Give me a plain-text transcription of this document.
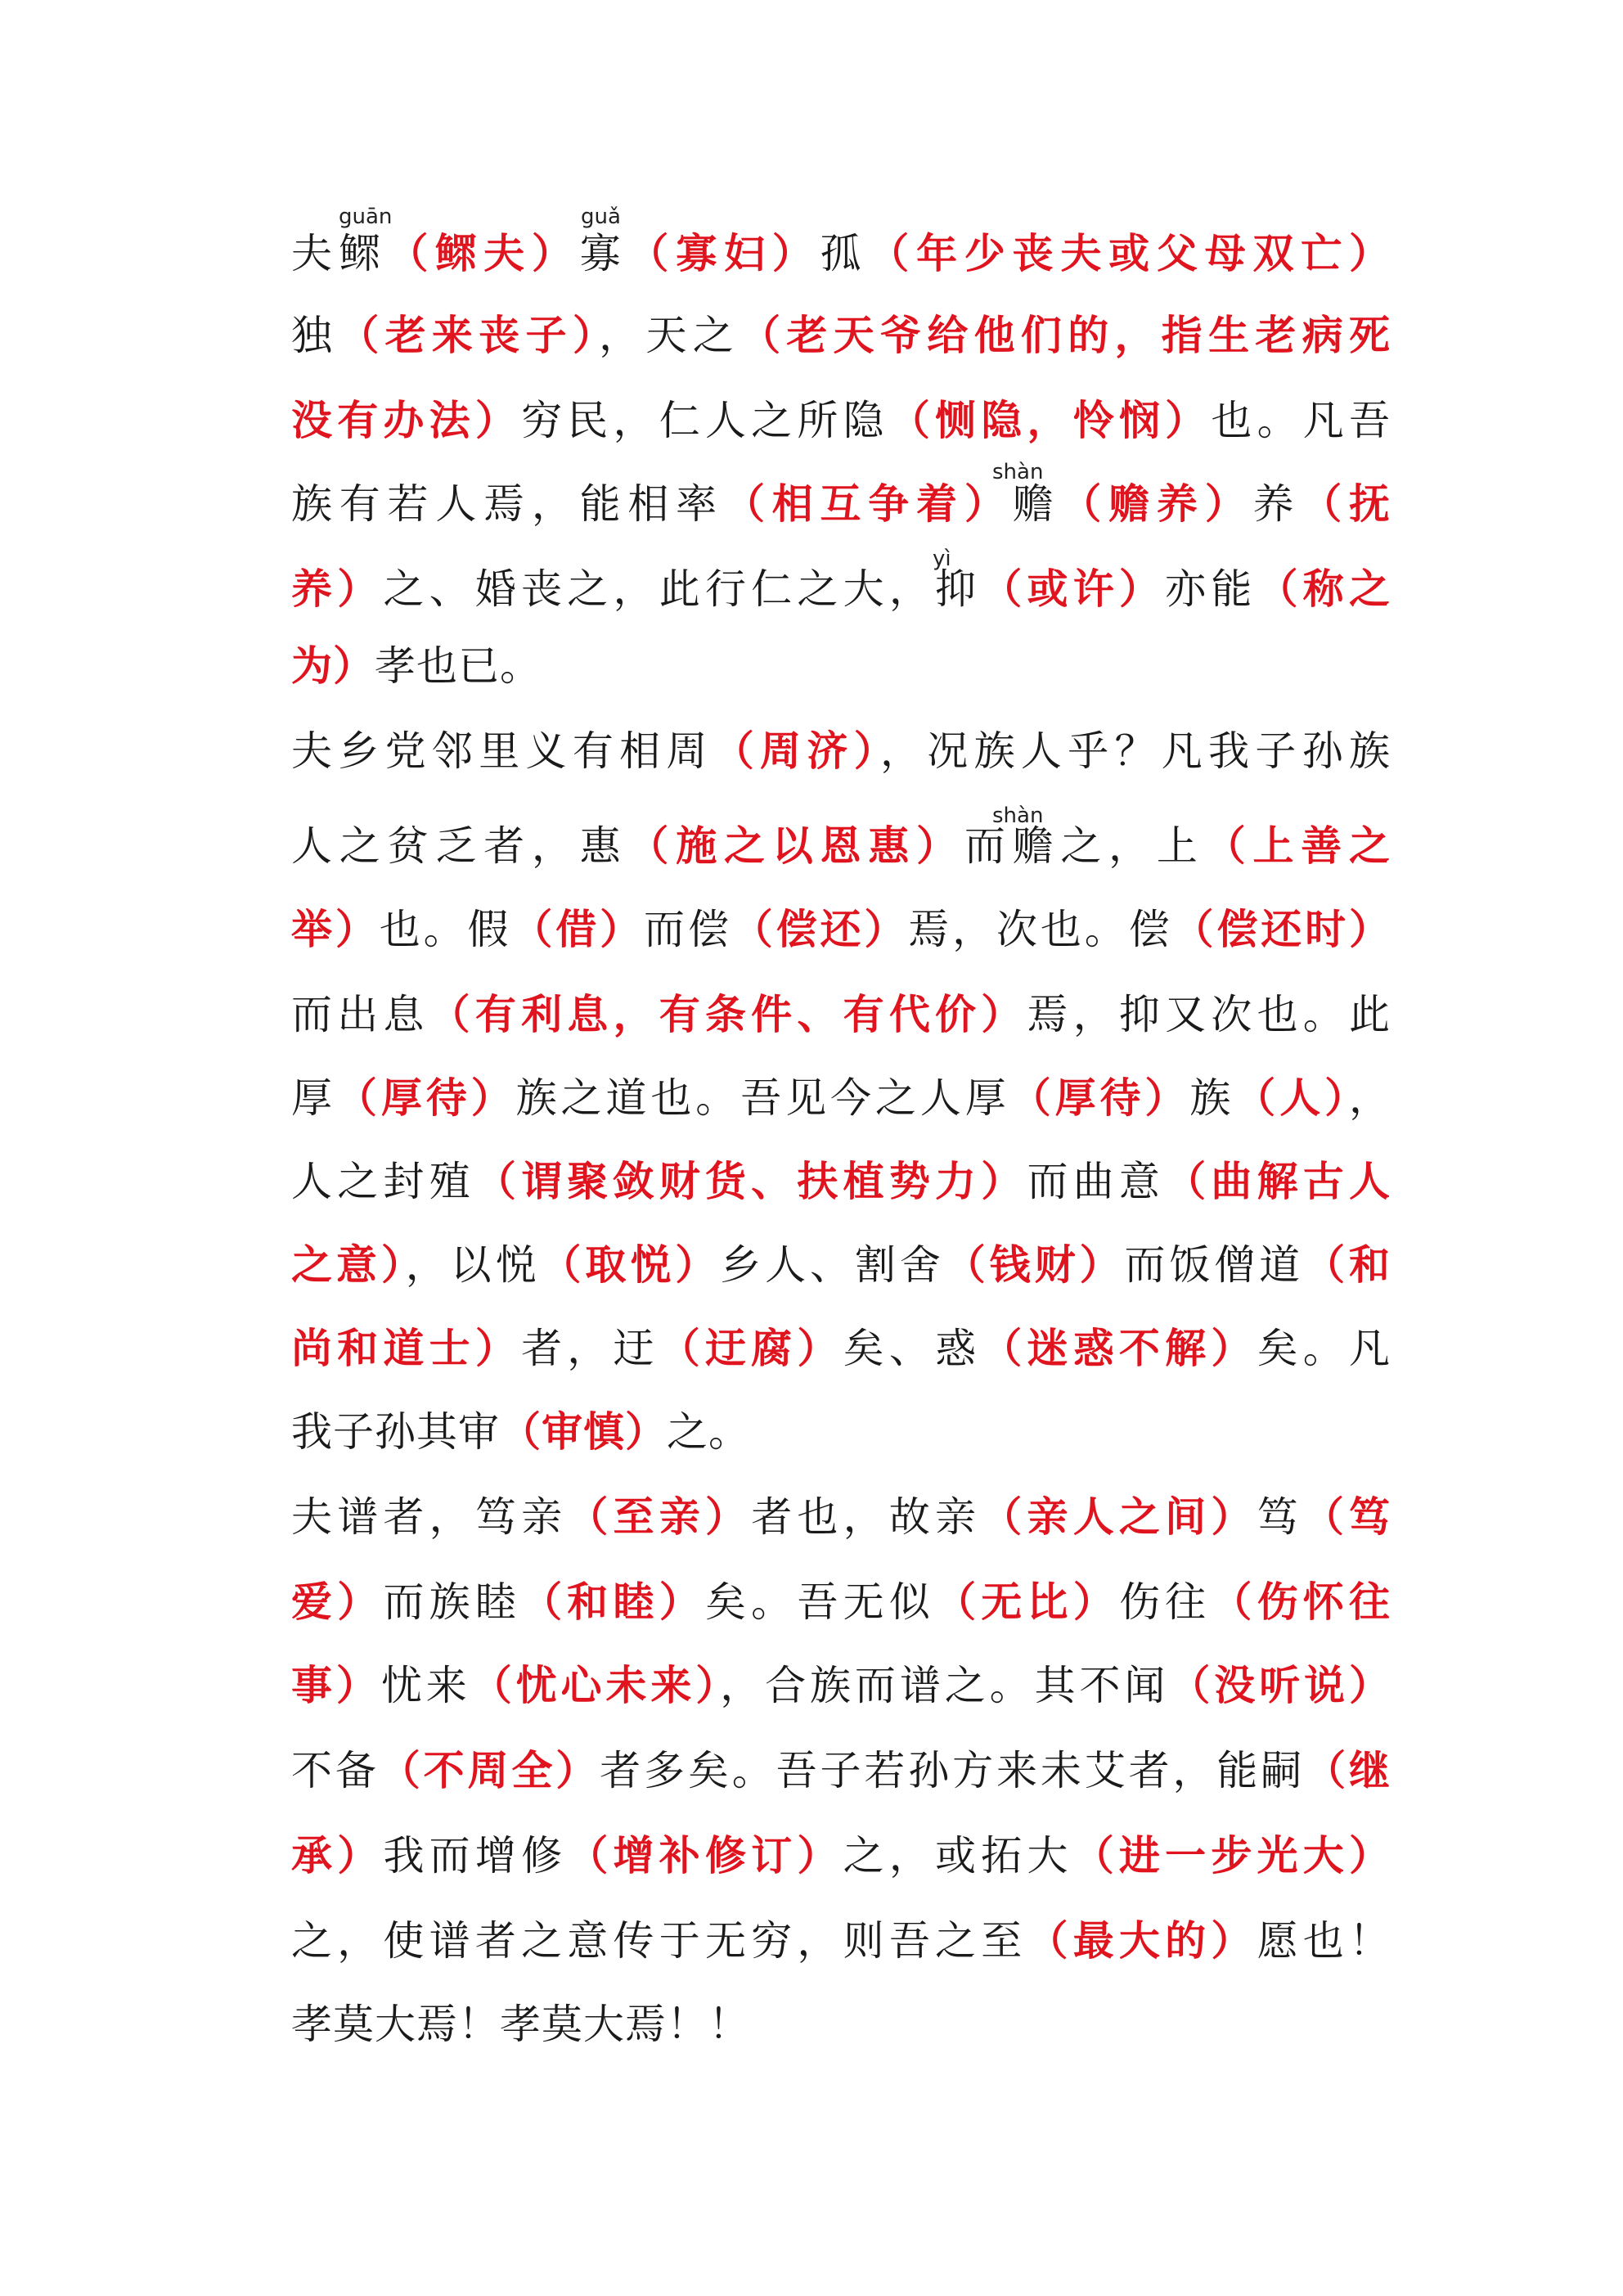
夫鳏（鳏夫）寡（寡妇）孤（年少丧夫或父母双亡）
独（老来丧子），天之（老天爷给他们的，指生老病死
没有办法）穷民，仁人之所隐（恻隐，怜悯）也。凡吾
族有若人焉，能相率（相互争着）赡（赡养）养（抚
养）之、婚丧之，此行仁之大，抑（或许）亦能（称之
为）孝也已。
夫乡党邻里义有相周（周济），况族人乎？凡我子孙族
人之贫乏者，惠（施之以恩惠）而赡之，上（上善之
举）也。假（借）而偿（偿还）焉，次也。偿（偿还时）
而出息（有利息，有条件、有代价）焉，抑又次也。此
厚（厚待）族之道也。吾见今之人厚（厚待）族（人），
人之封殖（谓聚敛财货、扶植势力）而曲意（曲解古人
之意），以悦（取悦）乡人、割舍（钱财）而饭僧道（和
尚和道士）者，迂（迂腐）矣、惑（迷惑不解）矣。凡
我子孙其审（审慎）之。
夫谱者，笃亲（至亲）者也，故亲（亲人之间）笃（笃
爱）而族睦（和睦）矣。吾无似（无比）伤往（伤怀往
事）忧来（忧心未来），合族而谱之。其不闻（没听说）
不备（不周全）者多矣。吾子若孙方来未艾者，能嗣（继
承）我而增修（增补修订）之，或拓大（进一步光大）
之，使谱者之意传于无穷，则吾之至（最大的）愿也！
孝莫大焉！孝莫大焉！！
guān	guǎ
shàn
yì
shàn
